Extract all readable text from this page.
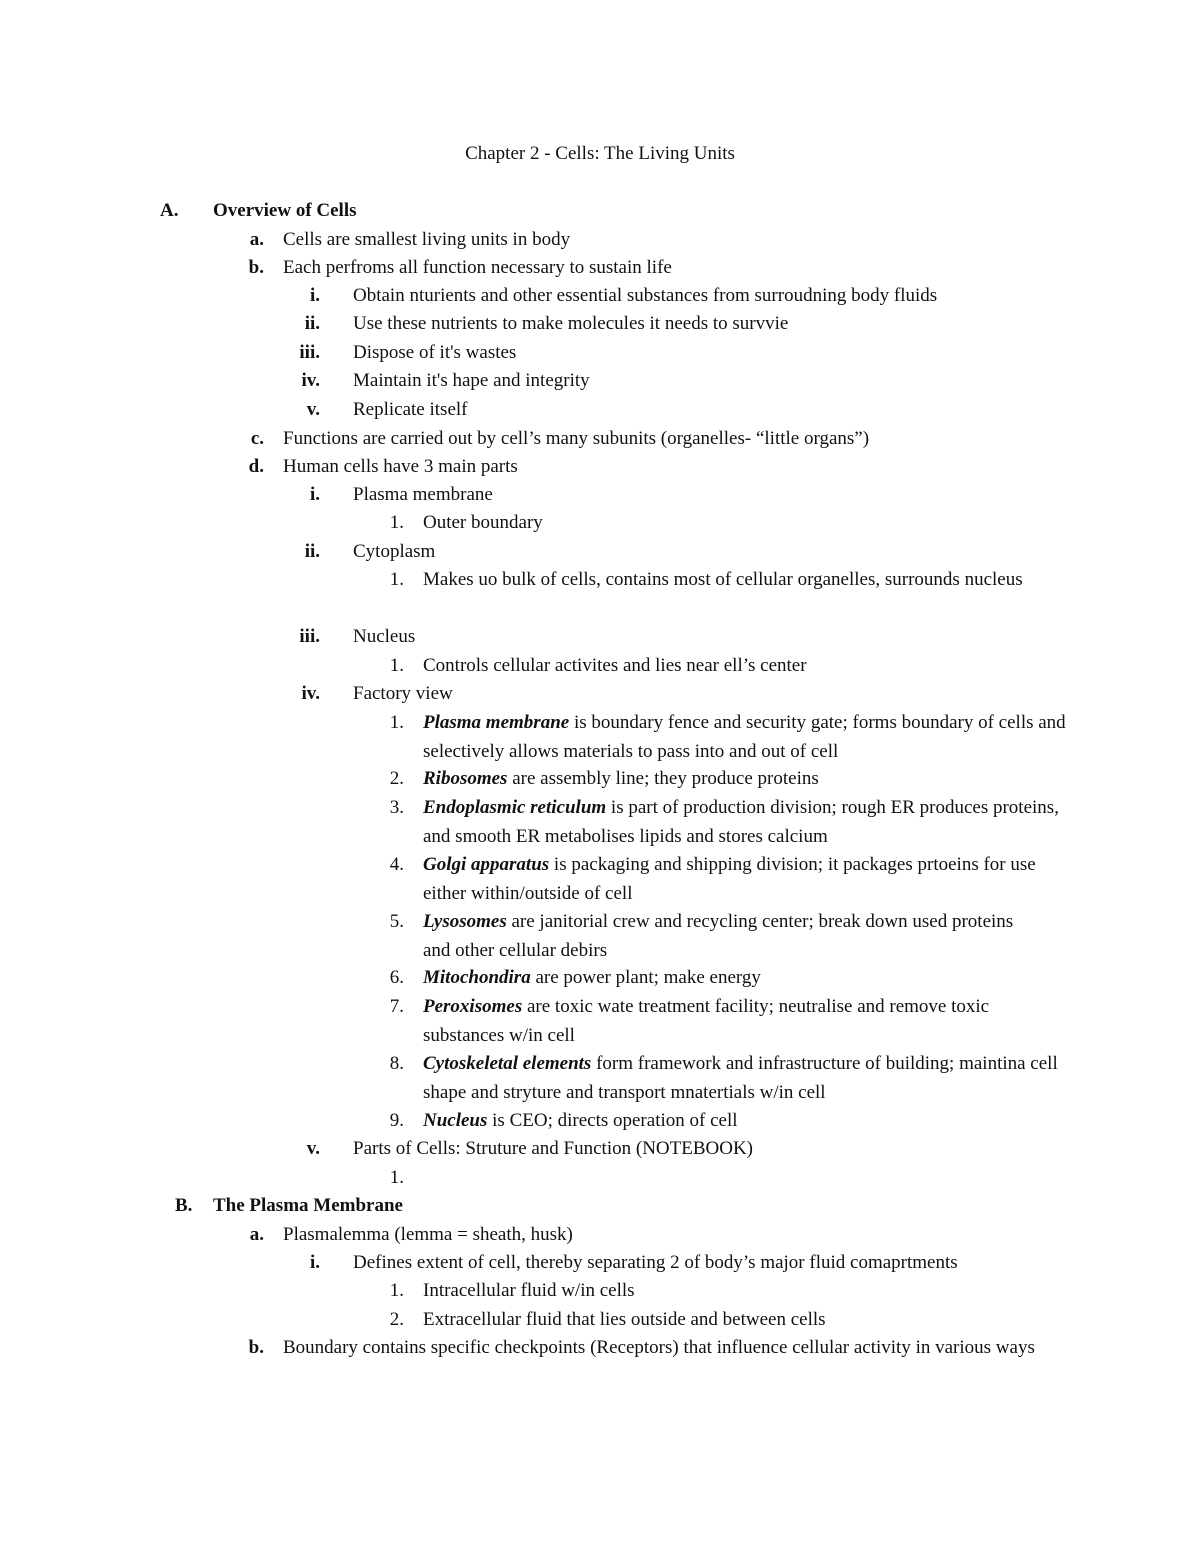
Chapter 2 - Cells: The Living Units
A.	Overview of Cells
a. Cells are smallest living units in body
b. Each perfroms all function necessary to sustain life
i. Obtain nturients and other essential substances from surroudning body fluids
ii. Use these nutrients to make molecules it needs to survvie
iii. Dispose of it's wastes
iv. Maintain it's hape and integrity
v. Replicate itself
c. Functions are carried out by cell’s many subunits (organelles- “little organs”)
d. Human cells have 3 main parts
i. Plasma membrane
1. Outer boundary
ii. Cytoplasm
1. Makes uo bulk of cells, contains most of cellular organelles, surrounds nucleus
iii. Nucleus
1. Controls cellular activites and lies near ell’s center
iv. Factory view
1. Plasma membrane is boundary fence and security gate; forms boundary of cells and selectively allows materials to pass into and out of cell
2. Ribosomes are assembly line; they produce proteins
3. Endoplasmic reticulum is part of production division; rough ER produces proteins, and smooth ER metabolises lipids and stores calcium
4. Golgi apparatus is packaging and shipping division; it packages prtoeins for use either within/outside of cell
5. Lysosomes are janitorial crew and recycling center; break down used proteins and other cellular debirs
6. Mitochondira are power plant; make energy
7. Peroxisomes are toxic wate treatment facility; neutralise and remove toxic substances w/in cell
8. Cytoskeletal elements form framework and infrastructure of building; maintina cell shape and stryture and transport mnatertials w/in cell
9. Nucleus is CEO; directs operation of cell
v. Parts of Cells: Struture and Function (NOTEBOOK)
1.
B.	The Plasma Membrane
a. Plasmalemma (lemma = sheath, husk)
i. Defines extent of cell, thereby separating 2 of body’s major fluid comaprtments
1. Intracellular fluid w/in cells
2. Extracellular fluid that lies outside and between cells
b. Boundary contains specific checkpoints (Receptors) that influence cellular activity in various ways
